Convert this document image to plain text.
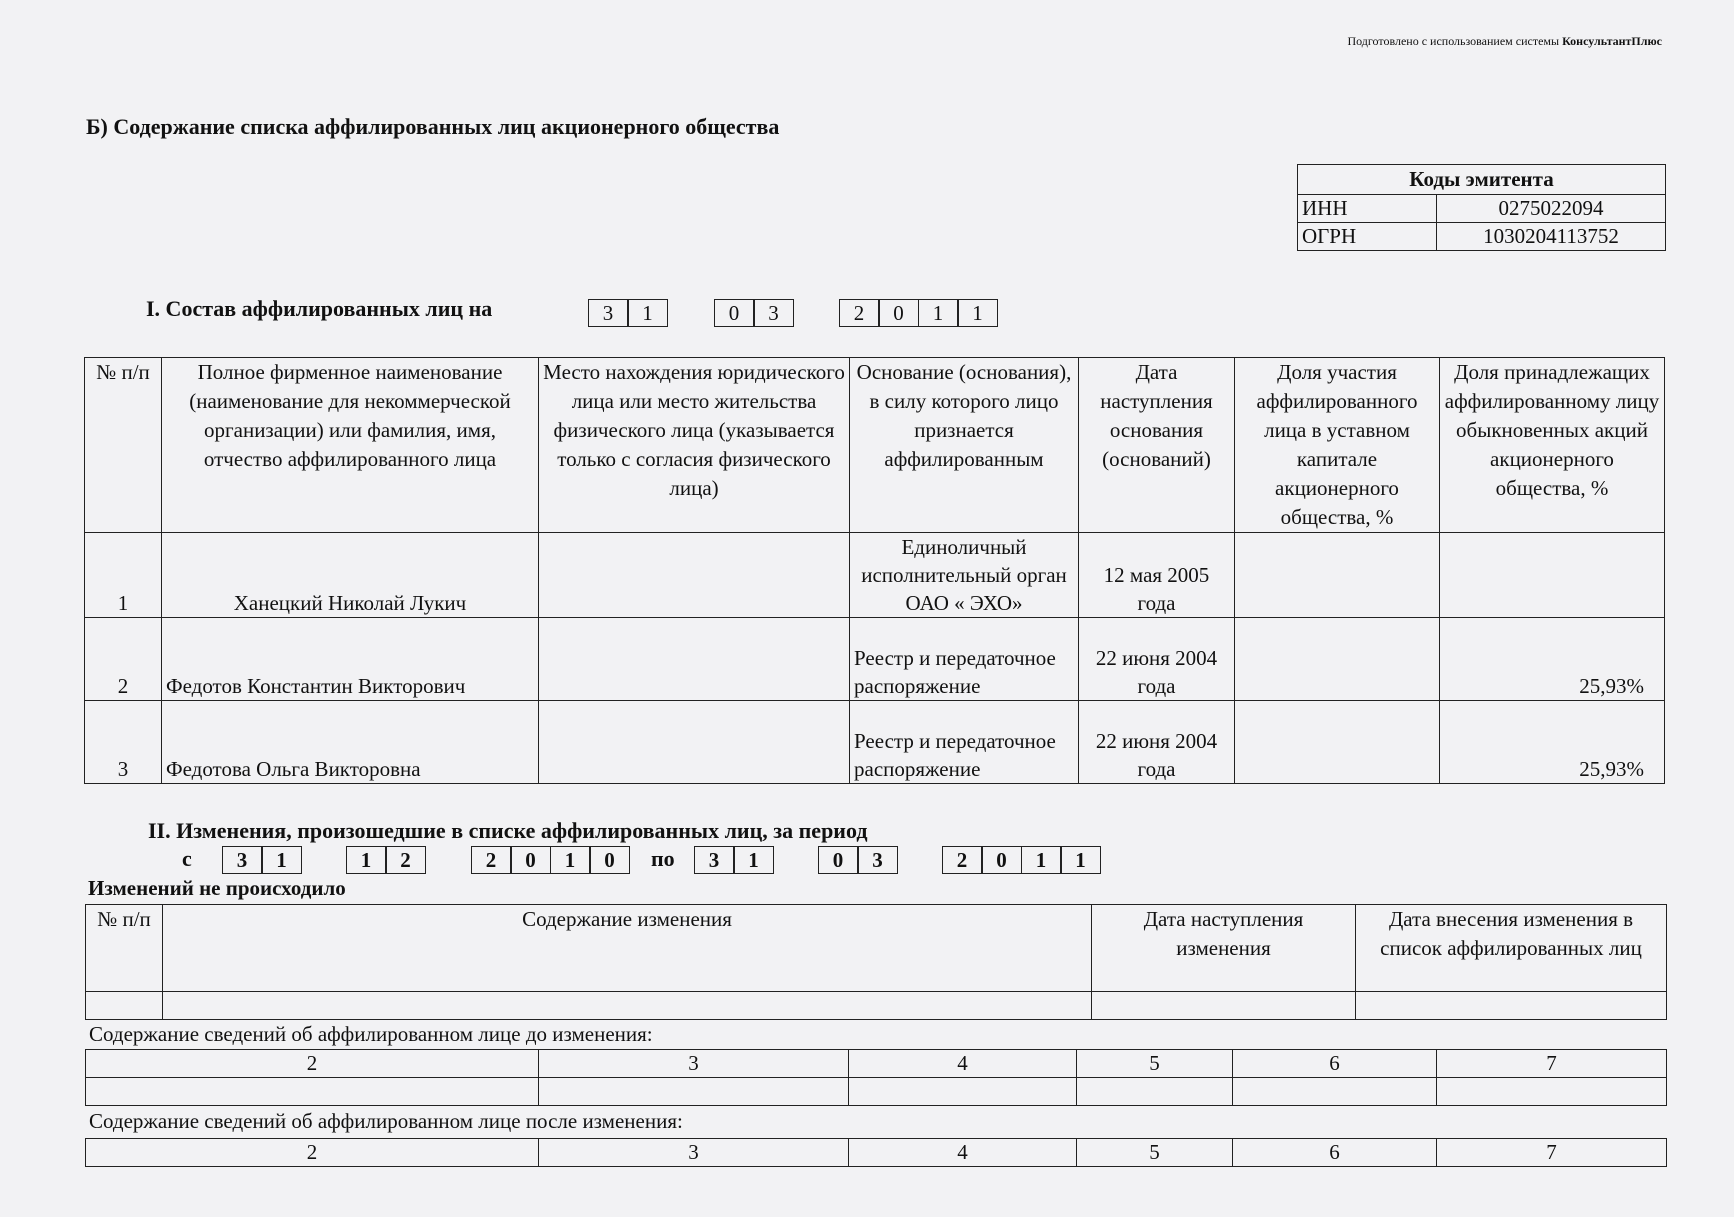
Подготовлено с использованием системы КонсультантПлюс
Б) Содержание списка аффилированных лиц акционерного общества
Коды эмитента	
ИНН	0275022094
ОГРН	1030204113752
I. Состав аффилированных лиц на	3	1	0	3	2	0	1	1
№ п/п	Полное фирменное наименование (наименование для некоммерческой организации) или фамилия, имя, отчество аффилированного лица	Место нахождения юридического лица или место жительства физического лица (указывается только с согласия физического лица)	Основание (основания), в силу которого лицо признается аффилированным	Дата наступления основания (оснований)	Доля участия аффилированного лица в уставном капитале акционерного общества, %	Доля принадлежащих аффилированному лицу обыкновенных акций акционерного общества, %
1	Ханецкий Николай Лукич		Единоличный исполнительный орган ОАО « ЭХО»	12 мая 2005 года		
2	Федотов Константин Викторович		Реестр и передаточное распоряжение	22 июня 2004 года		25,93%
3	Федотова Ольга Викторовна		Реестр и передаточное распоряжение	22 июня 2004 года		25,93%
II. Изменения, произошедшие в списке аффилированных лиц, за период
с	3	1	1	2	2	0	1	0	по	3	1	0	3	2	0	1	1
Изменений не происходило
№ п/п	Содержание изменения	Дата наступления изменения	Дата внесения изменения в список аффилированных лиц

Содержание сведений об аффилированном лице до изменения:
2	3	4	5	6	7

Содержание сведений об аффилированном лице после изменения:
2	3	4	5	6	7
